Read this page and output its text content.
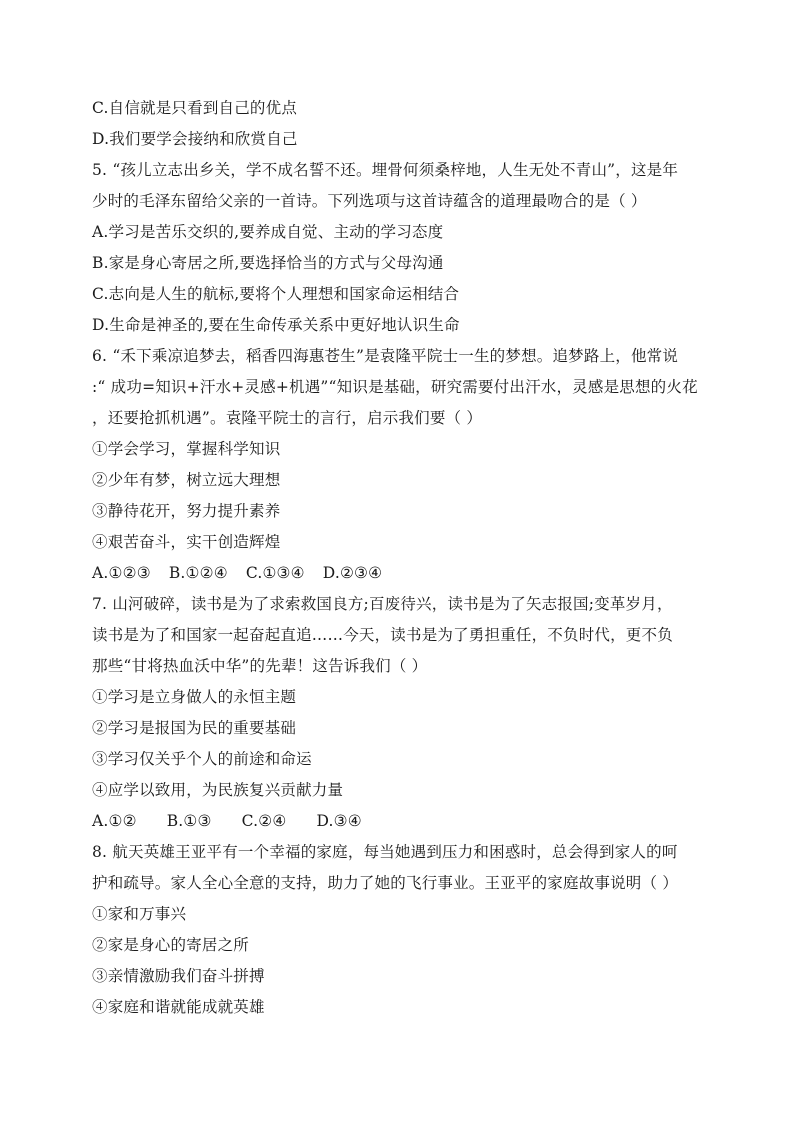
C.自信就是只看到自己的优点
D.我们要学会接纳和欣赏自己
5. “孩儿立志出乡关，学不成名誓不还。埋骨何须桑梓地，人生无处不青山”，这是年
少时的毛泽东留给父亲的一首诗。下列选项与这首诗蕴含的道理最吻合的是（ ）
A.学习是苦乐交织的,要养成自觉、主动的学习态度
B.家是身心寄居之所,要选择恰当的方式与父母沟通
C.志向是人生的航标,要将个人理想和国家命运相结合
D.生命是神圣的,要在生命传承关系中更好地认识生命
6. “禾下乘凉追梦去，稻香四海惠苍生”是袁隆平院士一生的梦想。追梦路上，他常说
:“ 成功=知识+汗水+灵感+机遇”“知识是基础，研究需要付出汗水，灵感是思想的火花
，还要抢抓机遇”。袁隆平院士的言行，启示我们要（ ）
①学会学习，掌握科学知识
②少年有梦，树立远大理想
③静待花开，努力提升素养
④艰苦奋斗，实干创造辉煌
A.①②③ B.①②④ C.①③④ D.②③④
7. 山河破碎，读书是为了求索救国良方;百废待兴，读书是为了矢志报国;变革岁月，
读书是为了和国家一起奋起直追……今天，读书是为了勇担重任，不负时代，更不负
那些“甘将热血沃中华”的先辈！这告诉我们（ ）
①学习是立身做人的永恒主题
②学习是报国为民的重要基础
③学习仅关乎个人的前途和命运
④应学以致用，为民族复兴贡献力量
A.①② B.①③ C.②④ D.③④
8. 航天英雄王亚平有一个幸福的家庭，每当她遇到压力和困惑时，总会得到家人的呵
护和疏导。家人全心全意的支持，助力了她的飞行事业。王亚平的家庭故事说明（ ）
①家和万事兴
②家是身心的寄居之所
③亲情激励我们奋斗拼搏
④家庭和谐就能成就英雄
